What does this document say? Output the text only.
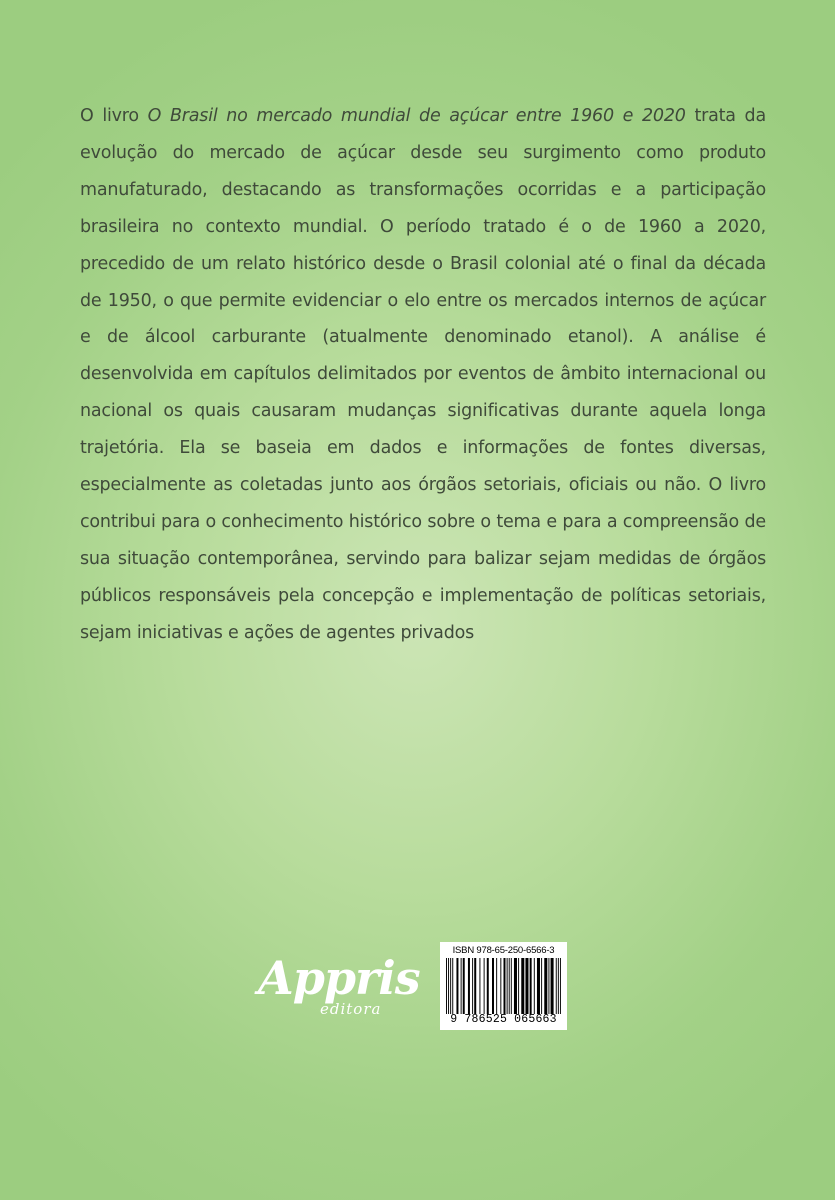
O livro O Brasil no mercado mundial de açúcar entre 1960 e 2020 trata da evolução do mercado de açúcar desde seu surgimento como produto manufaturado, destacando as transformações ocorridas e a participação brasileira no contexto mundial. O período tratado é o de 1960 a 2020, precedido de um relato histórico desde o Brasil colonial até o final da década de 1950, o que permite evidenciar o elo entre os mercados internos de açúcar e de álcool carburante (atualmente denominado etanol). A análise é desenvolvida em capítulos delimitados por eventos de âmbito internacional ou nacional os quais causaram mudanças significativas durante aquela longa trajetória. Ela se baseia em dados e informações de fontes diversas, especialmente as coletadas junto aos órgãos setoriais, oficiais ou não. O livro contribui para o conhecimento histórico sobre o tema e para a compreensão de sua situação contemporânea, servindo para balizar sejam medidas de órgãos públicos responsáveis pela concepção e implementação de políticas setoriais, sejam iniciativas e ações de agentes privados

Appris
editora
ISBN 978-65-250-6566-3
9 786525 065663
